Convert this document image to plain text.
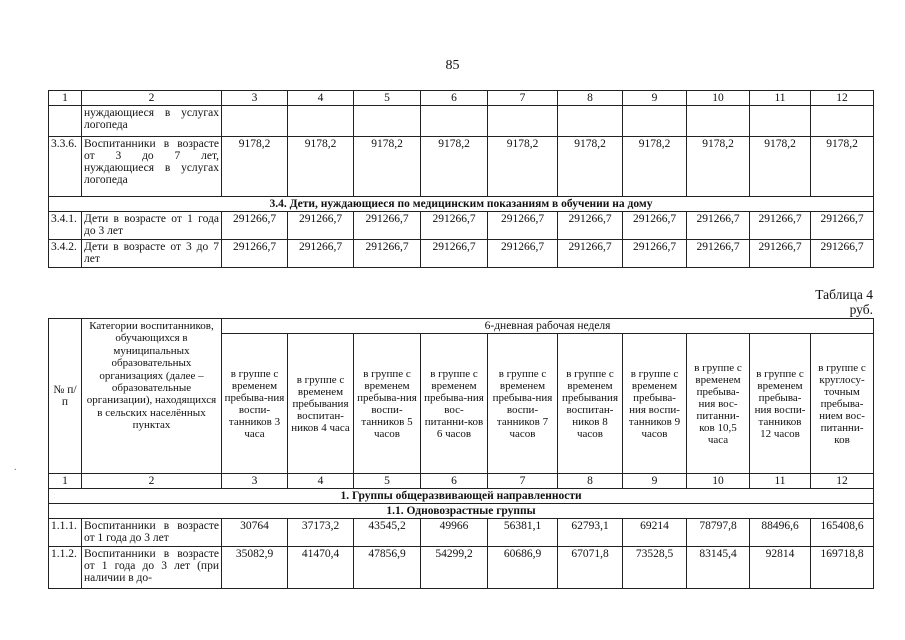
85
1	2	3	4	5	6	7	8	9	10	11	12
	нуждающиеся в услугах логопеда										
3.3.6.	Воспитанники в возрасте от 3 до 7 лет, нуждающиеся в услугах логопеда	9178,2	9178,2	9178,2	9178,2	9178,2	9178,2	9178,2	9178,2	9178,2	9178,2
3.4. Дети, нуждающиеся по медицинским показаниям в обучении на дому											
3.4.1.	Дети в возрасте от 1 года до 3 лет	291266,7	291266,7	291266,7	291266,7	291266,7	291266,7	291266,7	291266,7	291266,7	291266,7
3.4.2.	Дети в возрасте от 3 до 7 лет	291266,7	291266,7	291266,7	291266,7	291266,7	291266,7	291266,7	291266,7	291266,7	291266,7
Таблица 4
руб.
.
№ п/п	Категории воспитанников, обучающихся в муниципальных образовательных организациях (далее – образовательные организации), находящихся в сельских населённых пунктах	6-дневная рабочая неделя									
		в группе с временем пребыва-ния воспи-танников 3 часа	в группе с временем пребывания воспитан-ников 4 часа	в группе с временем пребыва-ния воспи-танников 5 часов	в группе с временем пребыва-ния вос-питанни-ков 6 часов	в группе с временем пребыва-ния воспи-танников 7 часов	в группе с временем пребывания воспитан-ников 8 часов	в группе с временем пребыва-ния воспи-танников 9 часов	в группе с временем пребыва-ния вос-питанни-ков 10,5 часа	в группе с временем пребыва-ния воспи-танников 12 часов	в группе с круглосу-точным пребыва-нием вос-питанни-ков
1	2	3	4	5	6	7	8	9	10	11	12
1. Группы общеразвивающей направленности											
1.1. Одновозрастные группы											
1.1.1.	Воспитанники в возрасте от 1 года до 3 лет	30764	37173,2	43545,2	49966	56381,1	62793,1	69214	78797,8	88496,6	165408,6
1.1.2.	Воспитанники в возрасте от 1 года до 3 лет (при наличии в до-	35082,9	41470,4	47856,9	54299,2	60686,9	67071,8	73528,5	83145,4	92814	169718,8
